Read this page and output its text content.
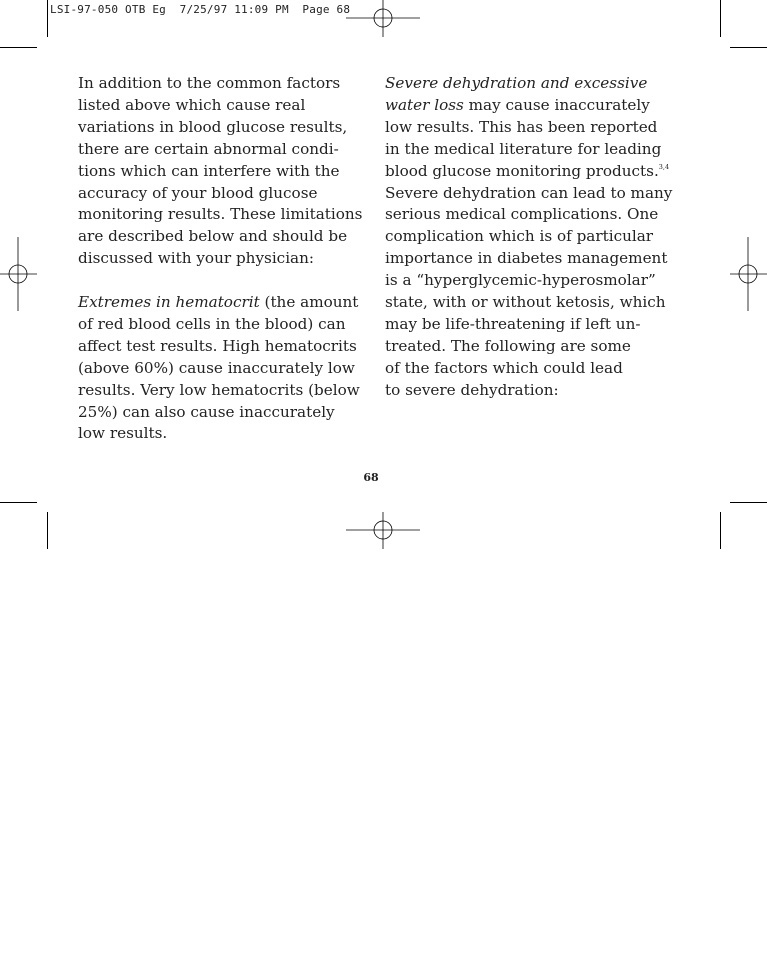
LSI-97-050 OTB Eg  7/25/97 11:09 PM  Page 68

In addition to the common factors
listed above which cause real
variations in blood glucose results,
there are certain abnormal condi-
tions which can interfere with the
accuracy of your blood glucose
monitoring results. These limitations
are described below and should be
discussed with your physician:

Extremes in hematocrit (the amount
of red blood cells in the blood) can
affect test results. High hematocrits
(above 60%) cause inaccurately low
results. Very low hematocrits (below
25%) can also cause inaccurately
low results.

Severe dehydration and excessive
water loss may cause inaccurately
low results. This has been reported
in the medical literature for leading
blood glucose monitoring products.$^{3,4}$
Severe dehydration can lead to many
serious medical complications. One
complication which is of particular
importance in diabetes management
is a “hyperglycemic-hyperosmolar”
state, with or without ketosis, which
may be life-threatening if left un-
treated. The following are some
of the factors which could lead
to severe dehydration:

68
